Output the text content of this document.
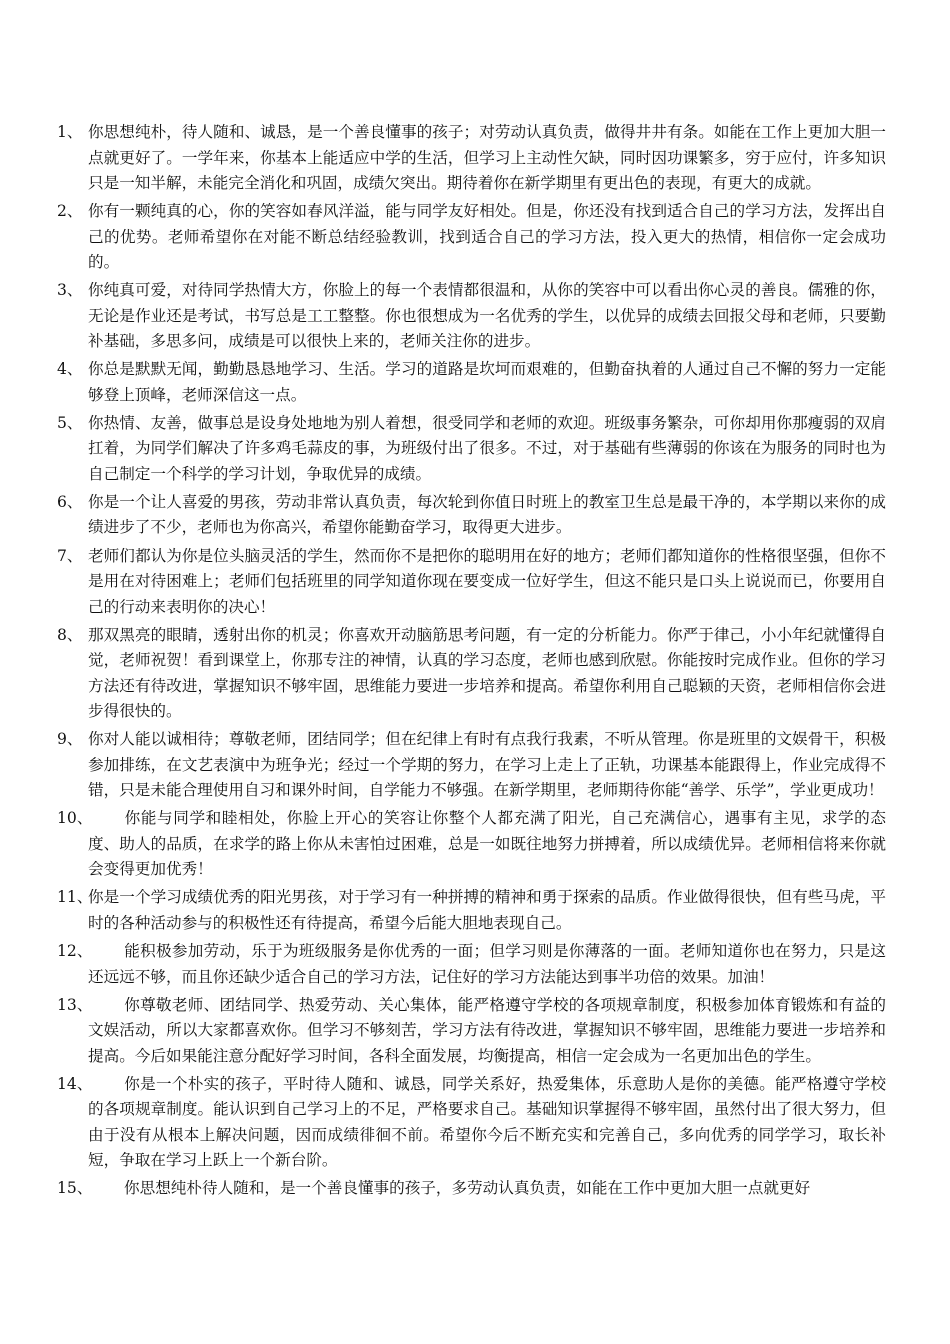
1、 你思想纯朴，待人随和、诚恳，是一个善良懂事的孩子；对劳动认真负责，做得井井有条。如能在工作上更加大胆一点就更好了。一学年来，你基本上能适应中学的生活，但学习上主动性欠缺，同时因功课繁多，穷于应付，许多知识只是一知半解，未能完全消化和巩固，成绩欠突出。期待着你在新学期里有更出色的表现，有更大的成就。

2、 你有一颗纯真的心，你的笑容如春风洋溢，能与同学友好相处。但是，你还没有找到适合自己的学习方法，发挥出自己的优势。老师希望你在对能不断总结经验教训，找到适合自己的学习方法，投入更大的热情，相信你一定会成功的。

3、 你纯真可爱，对待同学热情大方，你脸上的每一个表情都很温和，从你的笑容中可以看出你心灵的善良。儒雅的你，无论是作业还是考试，书写总是工工整整。你也很想成为一名优秀的学生，以优异的成绩去回报父母和老师，只要勤补基础，多思多问，成绩是可以很快上来的，老师关注你的进步。

4、 你总是默默无闻，勤勤恳恳地学习、生活。学习的道路是坎坷而艰难的，但勤奋执着的人通过自己不懈的努力一定能够登上顶峰，老师深信这一点。

5、 你热情、友善，做事总是设身处地地为别人着想，很受同学和老师的欢迎。班级事务繁杂，可你却用你那瘦弱的双肩扛着，为同学们解决了许多鸡毛蒜皮的事，为班级付出了很多。不过，对于基础有些薄弱的你该在为服务的同时也为自己制定一个科学的学习计划，争取优异的成绩。

6、 你是一个让人喜爱的男孩，劳动非常认真负责，每次轮到你值日时班上的教室卫生总是最干净的，本学期以来你的成绩进步了不少，老师也为你高兴，希望你能勤奋学习，取得更大进步。

7、 老师们都认为你是位头脑灵活的学生，然而你不是把你的聪明用在好的地方；老师们都知道你的性格很坚强，但你不是用在对待困难上；老师们包括班里的同学知道你现在要变成一位好学生，但这不能只是口头上说说而已，你要用自己的行动来表明你的决心！

8、 那双黑亮的眼睛，透射出你的机灵；你喜欢开动脑筋思考问题，有一定的分析能力。你严于律己，小小年纪就懂得自觉，老师祝贺！看到课堂上，你那专注的神情，认真的学习态度，老师也感到欣慰。你能按时完成作业。但你的学习方法还有待改进，掌握知识不够牢固，思维能力要进一步培养和提高。希望你利用自己聪颖的天资，老师相信你会进步得很快的。

9、 你对人能以诚相待；尊敬老师，团结同学；但在纪律上有时有点我行我素，不听从管理。你是班里的文娱骨干，积极参加排练，在文艺表演中为班争光；经过一个学期的努力，在学习上走上了正轨，功课基本能跟得上，作业完成得不错，只是未能合理使用自习和课外时间，自学能力不够强。在新学期里，老师期待你能“善学、乐学”，学业更成功！

10、 你能与同学和睦相处，你脸上开心的笑容让你整个人都充满了阳光，自己充满信心，遇事有主见，求学的态度、助人的品质，在求学的路上你从未害怕过困难，总是一如既往地努力拼搏着，所以成绩优异。老师相信将来你就会变得更加优秀！

11、
你是一个学习成绩优秀的阳光男孩，对于学习有一种拼搏的精神和勇于探索的品质。作业做得很快，但有些马虎，平时的各种活动参与的积极性还有待提高，希望今后能大胆地表现自己。

12、 能积极参加劳动，乐于为班级服务是你优秀的一面；但学习则是你薄落的一面。老师知道你也在努力，只是这还远远不够，而且你还缺少适合自己的学习方法，记住好的学习方法能达到事半功倍的效果。加油！

13、 你尊敬老师、团结同学、热爱劳动、关心集体，能严格遵守学校的各项规章制度，积极参加体育锻炼和有益的文娱活动，所以大家都喜欢你。但学习不够刻苦，学习方法有待改进，掌握知识不够牢固，思维能力要进一步培养和提高。今后如果能注意分配好学习时间，各科全面发展，均衡提高，相信一定会成为一名更加出色的学生。

14、 你是一个朴实的孩子，平时待人随和、诚恳，同学关系好，热爱集体，乐意助人是你的美德。能严格遵守学校的各项规章制度。能认识到自己学习上的不足，严格要求自己。基础知识掌握得不够牢固，虽然付出了很大努力，但由于没有从根本上解决问题，因而成绩徘徊不前。希望你今后不断充实和完善自己，多向优秀的同学学习，取长补短，争取在学习上跃上一个新台阶。

15、 你思想纯朴待人随和，是一个善良懂事的孩子，多劳动认真负责，如能在工作中更加大胆一点就更好
